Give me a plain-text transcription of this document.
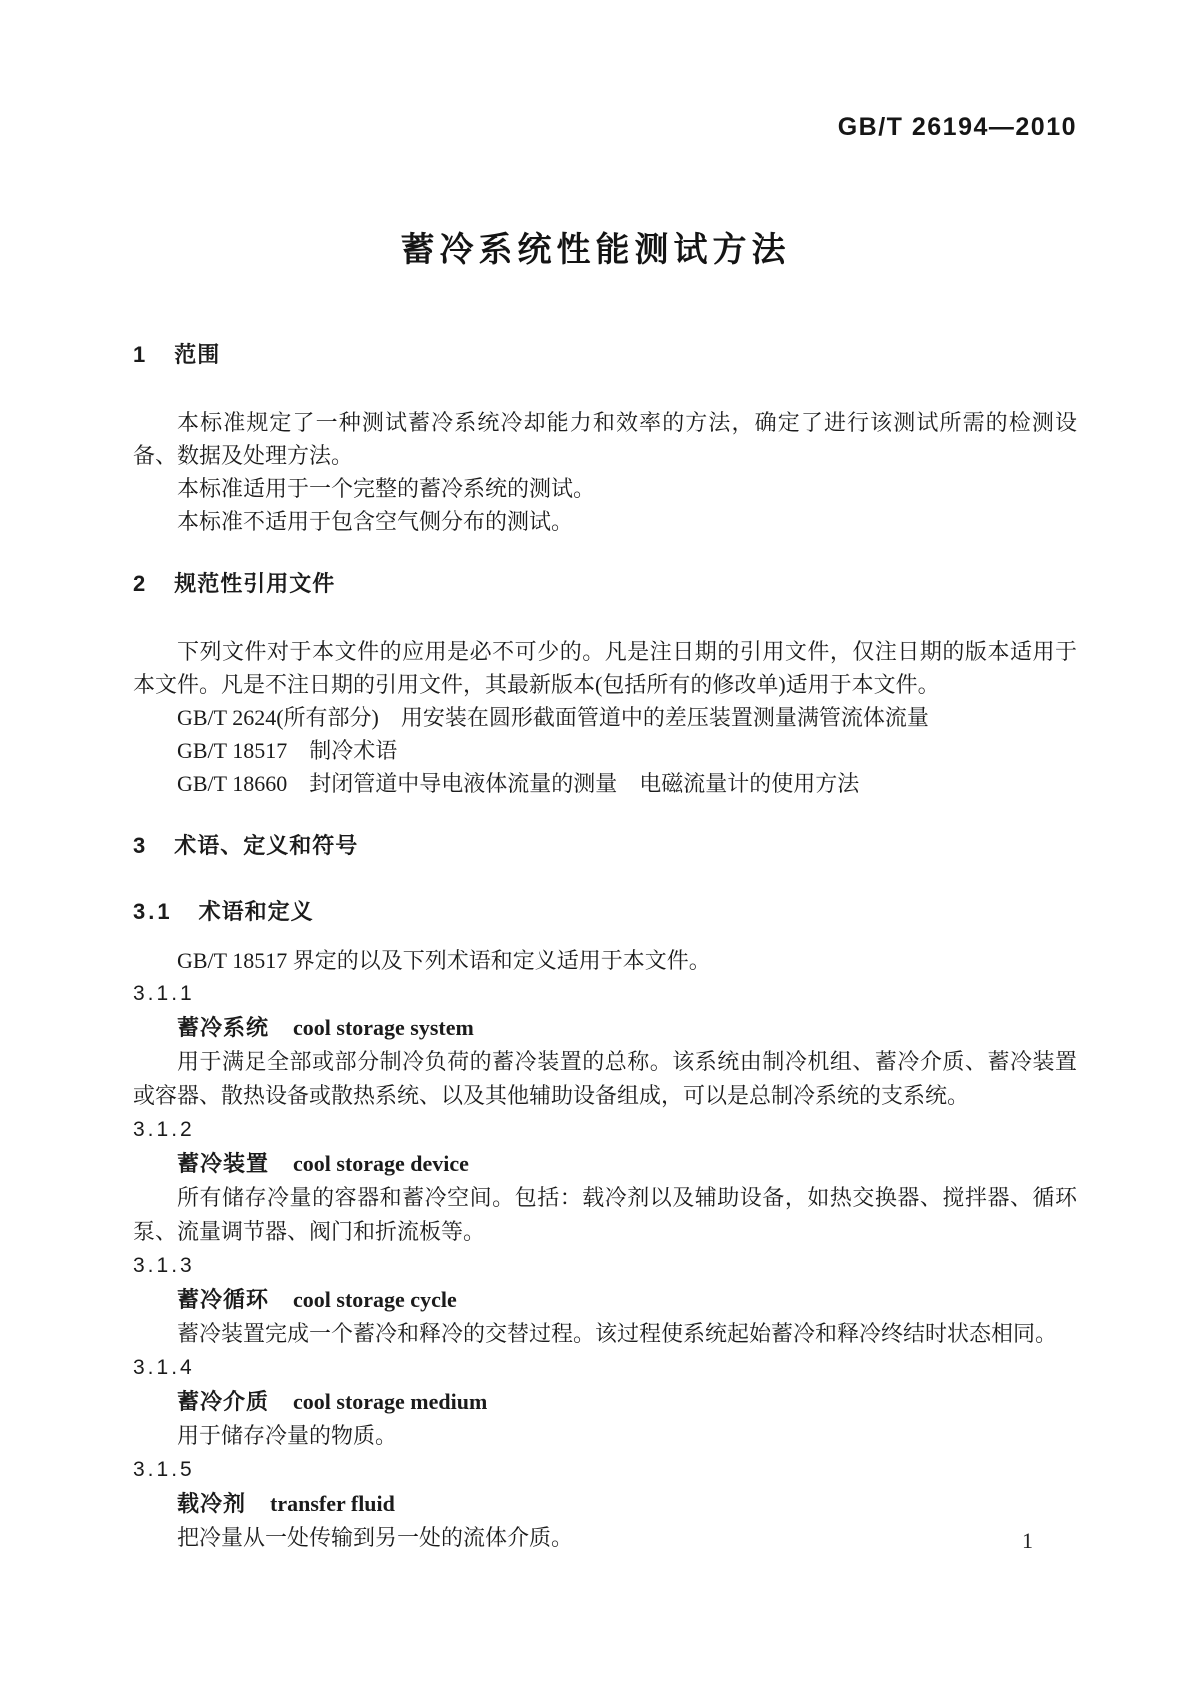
GB/T 26194—2010
蓄冷系统性能测试方法
1 范围
本标准规定了一种测试蓄冷系统冷却能力和效率的方法，确定了进行该测试所需的检测设备、数据及处理方法。
本标准适用于一个完整的蓄冷系统的测试。
本标准不适用于包含空气侧分布的测试。
2 规范性引用文件
下列文件对于本文件的应用是必不可少的。凡是注日期的引用文件，仅注日期的版本适用于本文件。凡是不注日期的引用文件，其最新版本(包括所有的修改单)适用于本文件。
GB/T 2624(所有部分)　用安装在圆形截面管道中的差压装置测量满管流体流量
GB/T 18517　制冷术语
GB/T 18660　封闭管道中导电液体流量的测量　电磁流量计的使用方法
3 术语、定义和符号
3.1 术语和定义
GB/T 18517 界定的以及下列术语和定义适用于本文件。
3.1.1
蓄冷系统 cool storage system
用于满足全部或部分制冷负荷的蓄冷装置的总称。该系统由制冷机组、蓄冷介质、蓄冷装置或容器、散热设备或散热系统、以及其他辅助设备组成，可以是总制冷系统的支系统。
3.1.2
蓄冷装置 cool storage device
所有储存冷量的容器和蓄冷空间。包括：载冷剂以及辅助设备，如热交换器、搅拌器、循环泵、流量调节器、阀门和折流板等。
3.1.3
蓄冷循环 cool storage cycle
蓄冷装置完成一个蓄冷和释冷的交替过程。该过程使系统起始蓄冷和释冷终结时状态相同。
3.1.4
蓄冷介质 cool storage medium
用于储存冷量的物质。
3.1.5
载冷剂 transfer fluid
把冷量从一处传输到另一处的流体介质。	1
